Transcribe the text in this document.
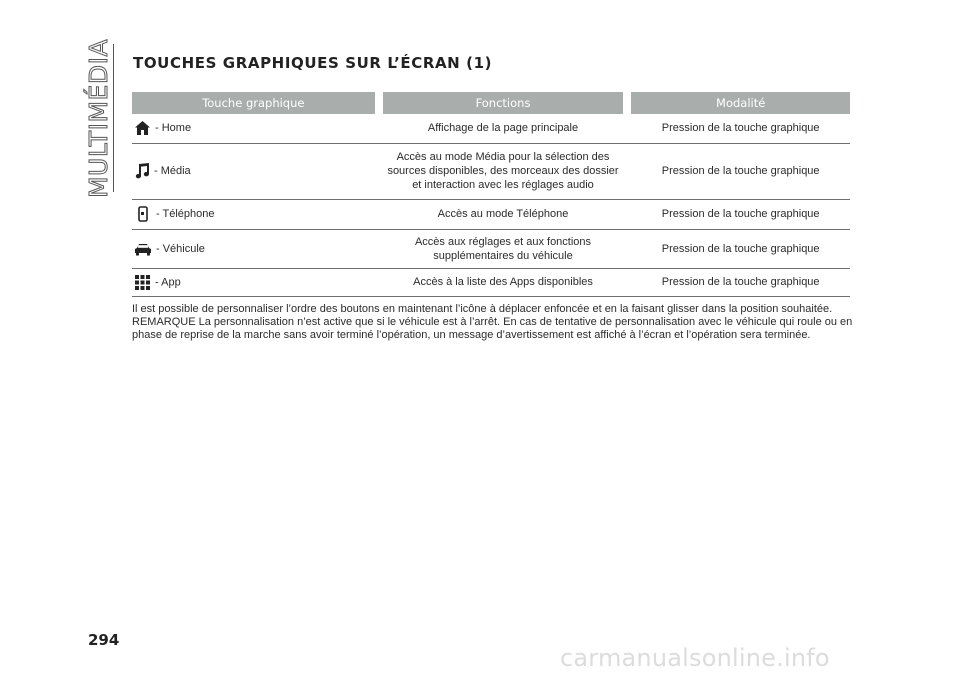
MULTIMÉDIA TOUCHES GRAPHIQUES SUR L’ÉCRAN (1)
Touche graphique		Fonctions		Modalité
- Home		Affichage de la page principale		Pression de la touche graphique
- Média		Accès au mode Média pour la sélection des sources disponibles, des morceaux des dossier et interaction avec les réglages audio		Pression de la touche graphique
- Téléphone		Accès au mode Téléphone		Pression de la touche graphique
- Véhicule		Accès aux réglages et aux fonctions supplémentaires du véhicule		Pression de la touche graphique
- App		Accès à la liste des Apps disponibles		Pression de la touche graphique

Il est possible de personnaliser l’ordre des boutons en maintenant l’icône à déplacer enfoncée et en la faisant glisser dans la position souhaitée.

REMARQUE La personnalisation n’est active que si le véhicule est à l’arrêt. En cas de tentative de personnalisation avec le véhicule qui roule ou en phase de reprise de la marche sans avoir terminé l’opération, un message d’avertissement est affiché à l’écran et l’opération sera terminée.

294
carmanualsonline.info
